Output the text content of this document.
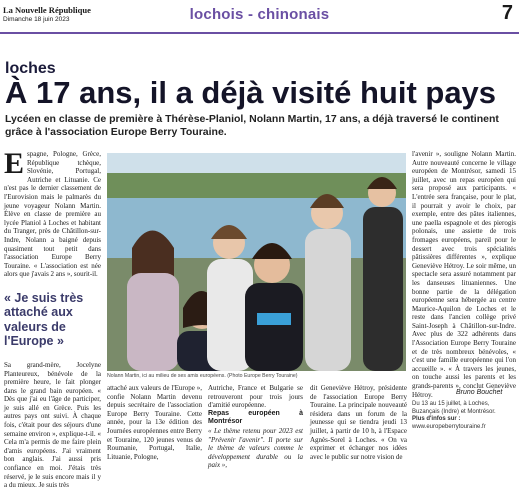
La Nouvelle République
Dimanche 18 juin 2023	lochois - chinonais	7
loches
À 17 ans, il a déjà visité huit pays
Lycéen en classe de première à Thérèse-Planiol, Nolann Martin, 17 ans, a déjà traversé le continent grâce à l'association Europe Berry Touraine.
E spagne, Pologne, Grèce, République tchèque, Slovénie, Portugal, Autriche et Lituanie. Ce n'est pas le dernier classement de l'Eurovision mais le palmarès du jeune voyageur Nolann Martin. Élève en classe de première au lycée Planiol à Loches et habitant du Tranger, près de Châtillon-sur-Indre, Nolann a baigné depuis quasiment tout petit dans l'association Europe Berry Touraine. « L'association est née alors que j'avais 2 ans », sourit-il.

« Je suis très attaché aux valeurs de l'Europe »

Sa grand-mère, Jocelyne Planteureux, bénévole de la première heure, le fait plonger dans le grand bain européen. « Dès que j'ai eu l'âge de participer, je suis allé en Grèce. Puis les autres pays ont suivi. À chaque fois, c'était pour des séjours d'une semaine environ », explique-t-il. « Cela m'a permis de me faire plein d'amis européens. J'ai vraiment bon anglais. J'ai aussi pris confiance en moi. J'étais très réservé, je le suis encore mais il y a du mieux. Je suis très

Nolann Martin, ici au milieu de ses amis européens. (Photo Europe Berry Touraine)

attaché aux valeurs de l'Europe », confie Nolann Martin devenu depuis secrétaire de l'association Europe Berry Touraine. Cette année, pour la 13e édition des Journées européennes entre Berry et Touraine, 120 jeunes venus de Roumanie, Portugal, Italie, Lituanie, Pologne,

Autriche, France et Bulgarie se retrouveront pour trois jours d'amitié européenne.

Repas européen à Montrésor

« Le thème retenu pour 2023 est "Prévenir l'avenir". Il porte sur le thème de valeurs comme le développement durable ou la paix »,

dit Geneviève Hétroy, présidente de l'association Europe Berry Touraine. La principale nouveauté résidera dans un forum de la jeunesse qui se tiendra jeudi 13 juillet, à partir de 10 h, à l'Espace Agnès-Sorel à Loches. « On va exprimer et échanger nos idées avec le public sur notre vision de

l'avenir », souligne Nolann Martin. Autre nouveauté concerne le village européen de Montrésor, samedi 15 juillet, avec un repas européen qui sera proposé aux participants. « L'entrée sera française, pour le plat, il pourrait y avoir le choix, par exemple, entre des pâtes italiennes, une paella espagnole et des pierogis polonais, une assiette de trois fromages européens, pareil pour le dessert avec trois spécialités pâtissières différentes », explique Geneviève Hétroy. Le soir même, un spectacle sera assuré notamment par les danseuses lituaniennes. Une bonne partie de la délégation européenne sera hébergée au centre Maurice-Aquilon de Loches et le reste dans l'ancien collège privé Saint-Joseph à Châtillon-sur-Indre. Avec plus de 322 adhérents dans l'Association Europe Berry Touraine et de très nombreux bénévoles, « c'est une famille européenne qui l'on accueille ». « À travers les jeunes, on touche aussi les parents et les grands-parents », conclut Geneviève Hétroy.	Bruno Bouchet
Du 13 au 15 juillet, à Loches, Buzançais (Indre) et Montrésor.
Plus d'infos sur :
www.europeberrytouraine.fr
